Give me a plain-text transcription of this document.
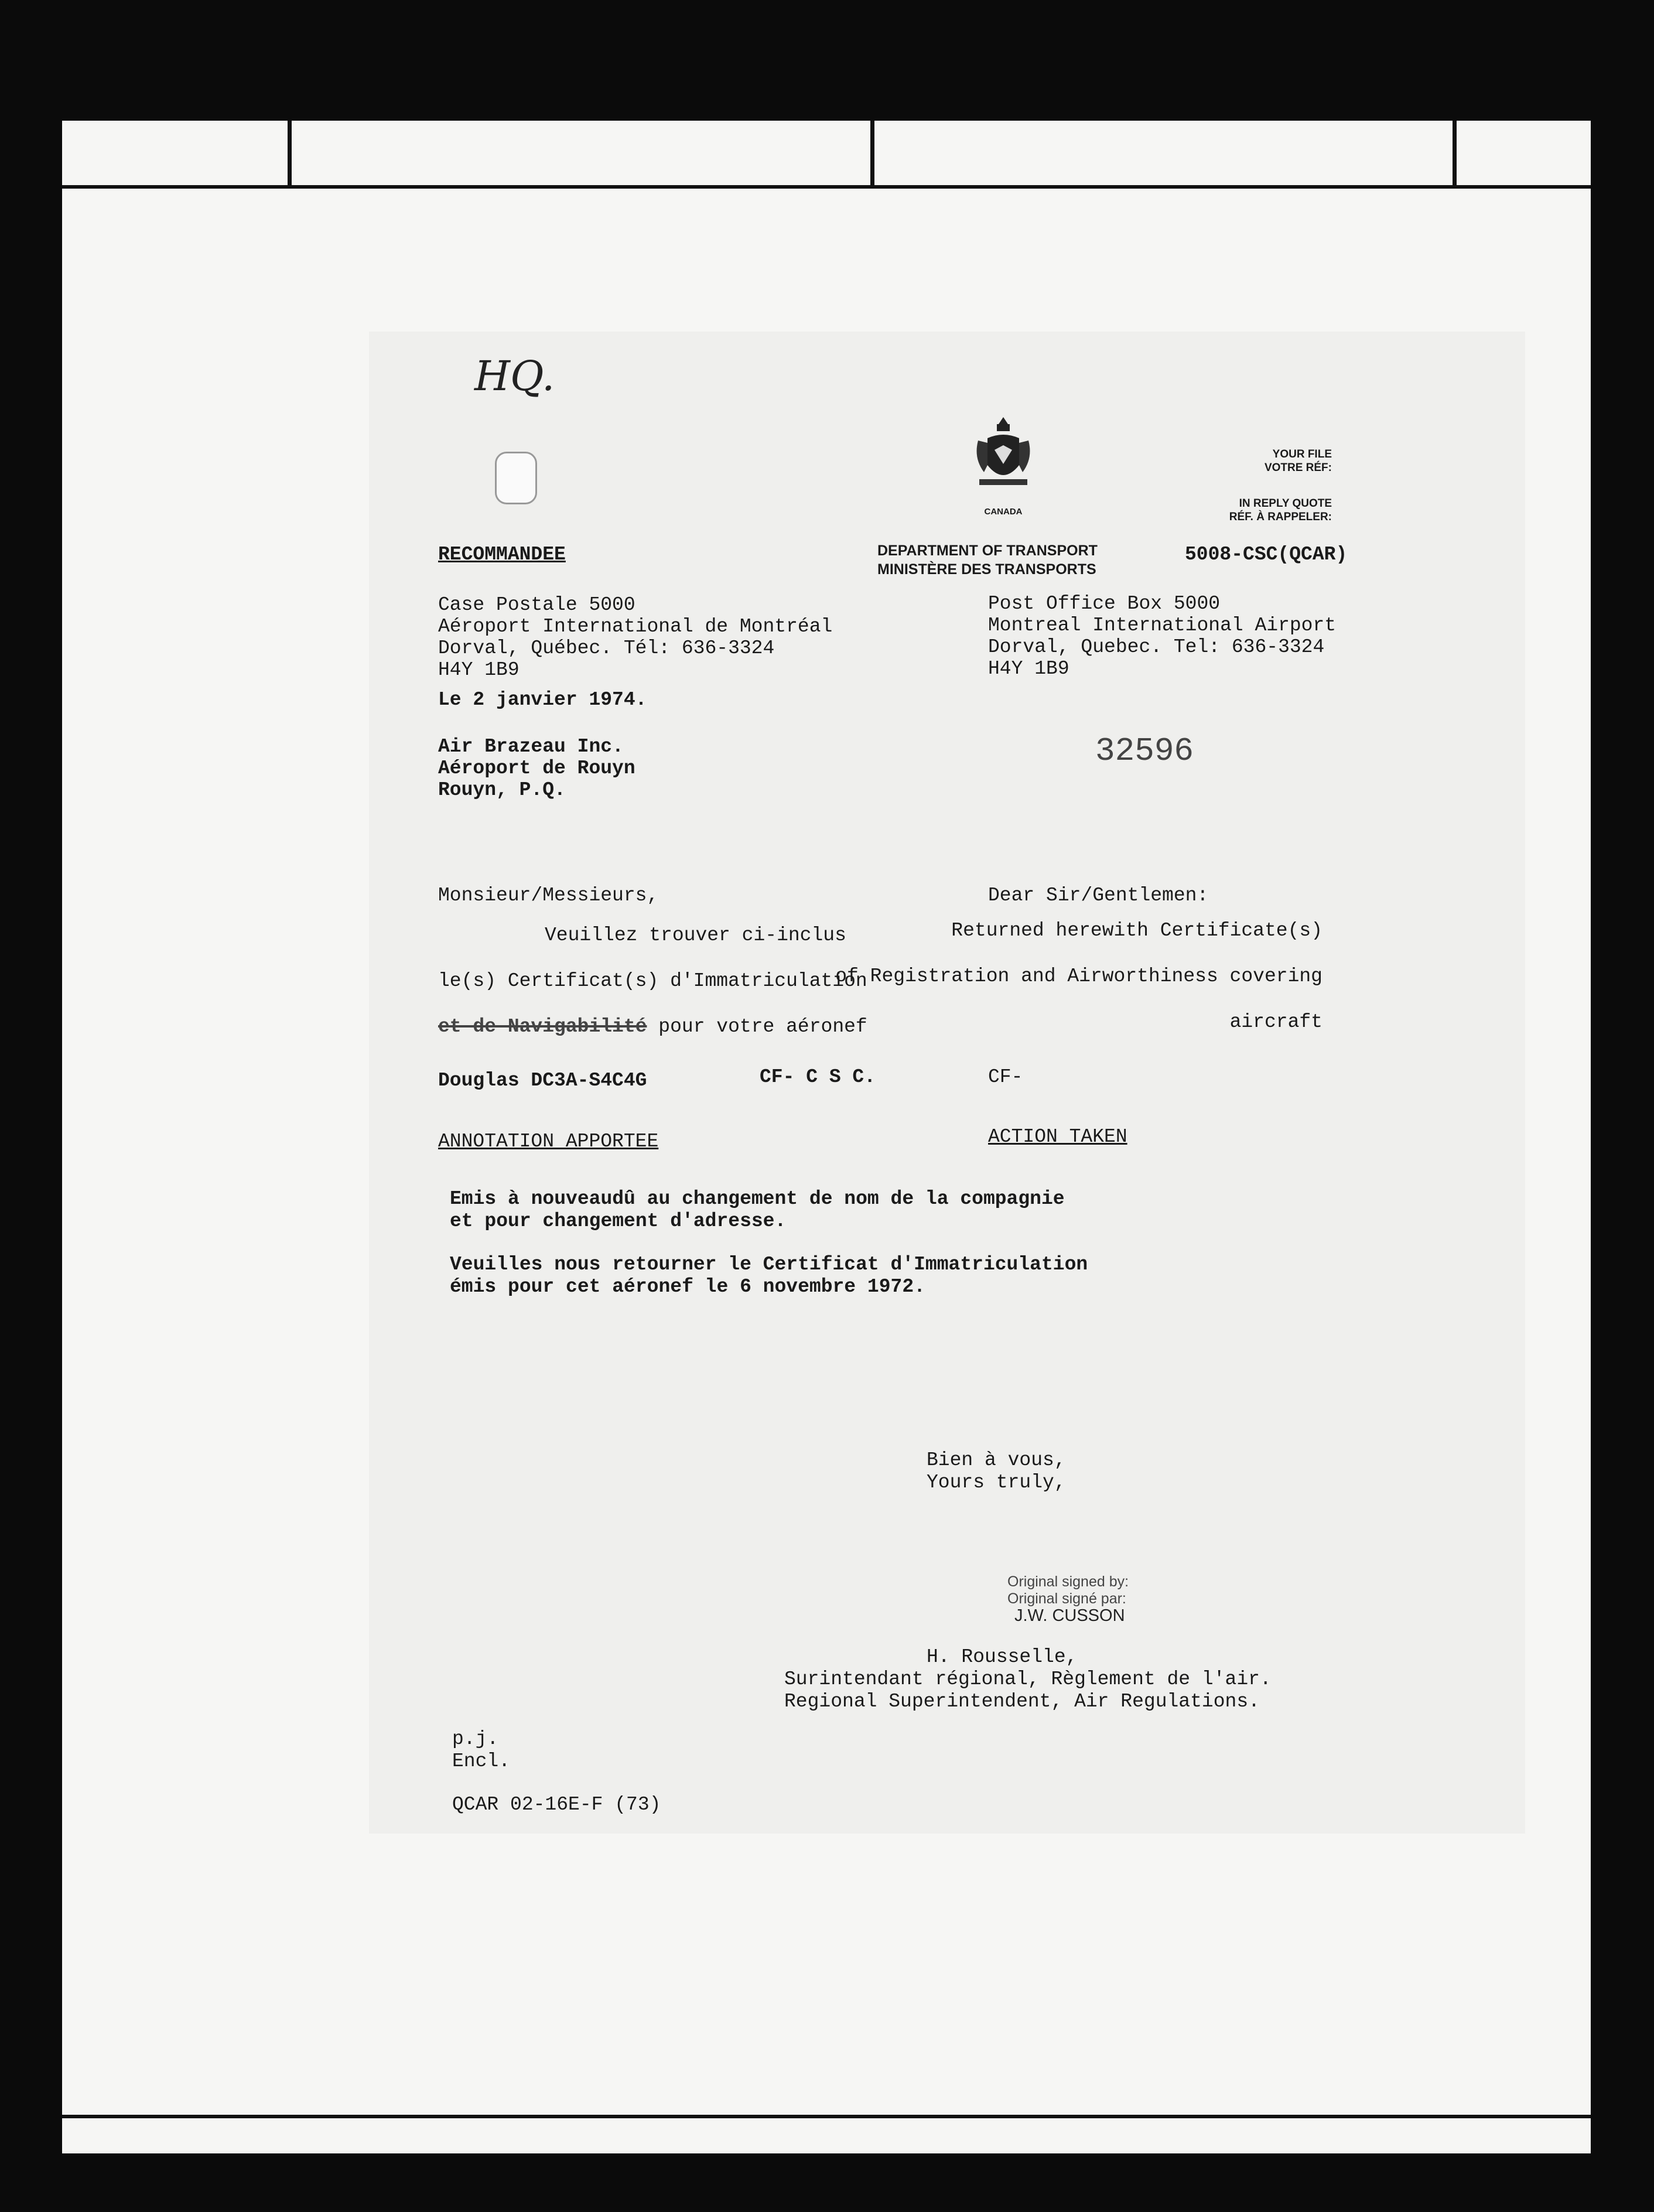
HQ.
CANADA
YOUR FILE
VOTRE RÉF:
IN REPLY QUOTE
RÉF. À RAPPELER:
RECOMMANDEE	DEPARTMENT OF TRANSPORT
MINISTÈRE DES TRANSPORTS
5008-CSC(QCAR)
Case Postale 5000
Aéroport International de Montréal
Dorval, Québec. Tél: 636-3324
H4Y 1B9
Le 2 janvier 1974.
Post Office Box 5000
Montreal International Airport
Dorval, Quebec. Tel: 636-3324
H4Y 1B9
Air Brazeau Inc.
Aéroport de Rouyn
Rouyn, P.Q.
32596
Monsieur/Messieurs,	Dear Sir/Gentlemen:
Veuillez trouver ci-inclus
le(s) Certificat(s) d'Immatriculation
et de Navigabilité pour votre aéronef
Returned herewith Certificate(s)
of Registration and Airworthiness covering
aircraft
Douglas DC3A-S4C4G	CF- C S C.	CF-
ANNOTATION APPORTEE	ACTION TAKEN
Emis à nouveaudû au changement de nom de la compagnie
et pour changement d'adresse.
Veuilles nous retourner le Certificat d'Immatriculation
émis pour cet aéronef le 6 novembre 1972.
Bien à vous,
Yours truly,
Original signed by:
Original signé par:
J.W. CUSSON
H. Rousselle,
Surintendant régional, Règlement de l'air.
Regional Superintendent, Air Regulations.
p.j.
Encl.
QCAR 02-16E-F (73)
